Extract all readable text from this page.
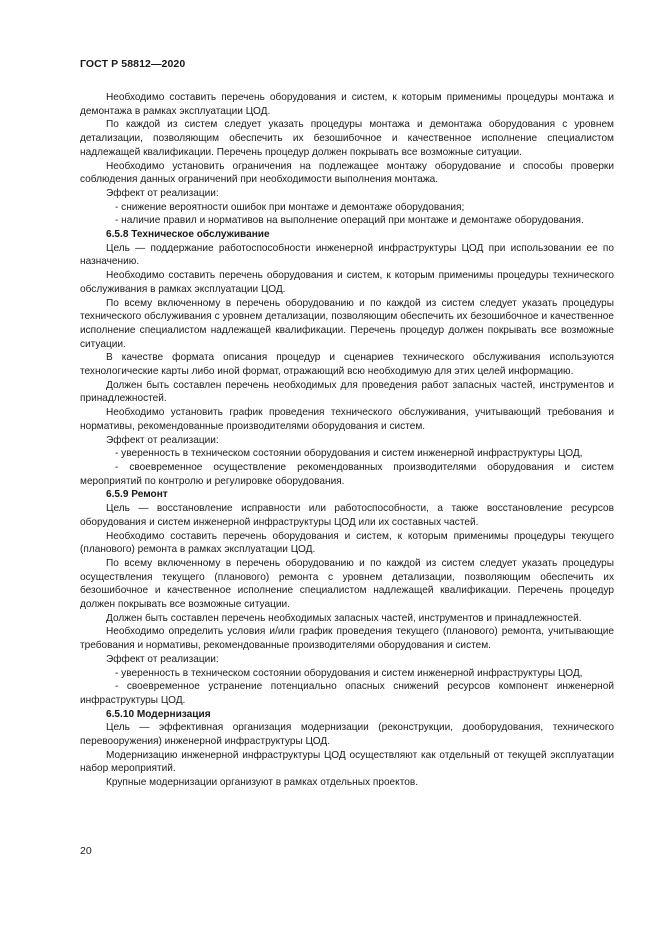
ГОСТ Р 58812—2020

Необходимо составить перечень оборудования и систем, к которым применимы процедуры монтажа и демонтажа в рамках эксплуатации ЦОД.

По каждой из систем следует указать процедуры монтажа и демонтажа оборудования с уровнем детализации, позволяющим обеспечить их безошибочное и качественное исполнение специалистом надлежащей квалификации. Перечень процедур должен покрывать все возможные ситуации.

Необходимо установить ограничения на подлежащее монтажу оборудование и способы проверки соблюдения данных ограничений при необходимости выполнения монтажа.

Эффект от реализации:

- снижение вероятности ошибок при монтаже и демонтаже оборудования;

- наличие правил и нормативов на выполнение операций при монтаже и демонтаже оборудования.

6.5.8 Техническое обслуживание

Цель — поддержание работоспособности инженерной инфраструктуры ЦОД при использовании ее по назначению.

Необходимо составить перечень оборудования и систем, к которым применимы процедуры технического обслуживания в рамках эксплуатации ЦОД.

По всему включенному в перечень оборудованию и по каждой из систем следует указать процедуры технического обслуживания с уровнем детализации, позволяющим обеспечить их безошибочное и качественное исполнение специалистом надлежащей квалификации. Перечень процедур должен покрывать все возможные ситуации.

В качестве формата описания процедур и сценариев технического обслуживания используются технологические карты либо иной формат, отражающий всю необходимую для этих целей информацию.

Должен быть составлен перечень необходимых для проведения работ запасных частей, инструментов и принадлежностей.

Необходимо установить график проведения технического обслуживания, учитывающий требования и нормативы, рекомендованные производителями оборудования и систем.

Эффект от реализации:

- уверенность в техническом состоянии оборудования и систем инженерной инфраструктуры ЦОД,

- своевременное осуществление рекомендованных производителями оборудования и систем мероприятий по контролю и регулировке оборудования.

6.5.9 Ремонт

Цель — восстановление исправности или работоспособности, а также восстановление ресурсов оборудования и систем инженерной инфраструктуры ЦОД или их составных частей.

Необходимо составить перечень оборудования и систем, к которым применимы процедуры текущего (планового) ремонта в рамках эксплуатации ЦОД.

По всему включенному в перечень оборудованию и по каждой из систем следует указать процедуры осуществления текущего (планового) ремонта с уровнем детализации, позволяющим обеспечить их безошибочное и качественное исполнение специалистом надлежащей квалификации. Перечень процедур должен покрывать все возможные ситуации.

Должен быть составлен перечень необходимых запасных частей, инструментов и принадлежностей.

Необходимо определить условия и/или график проведения текущего (планового) ремонта, учитывающие требования и нормативы, рекомендованные производителями оборудования и систем.

Эффект от реализации:

- уверенность в техническом состоянии оборудования и систем инженерной инфраструктуры ЦОД,

- своевременное устранение потенциально опасных снижений ресурсов компонент инженерной инфраструктуры ЦОД.

6.5.10 Модернизация

Цель — эффективная организация модернизации (реконструкции, дооборудования, технического перевооружения) инженерной инфраструктуры ЦОД.

Модернизацию инженерной инфраструктуры ЦОД осуществляют как отдельный от текущей эксплуатации набор мероприятий.

Крупные модернизации организуют в рамках отдельных проектов.

20
